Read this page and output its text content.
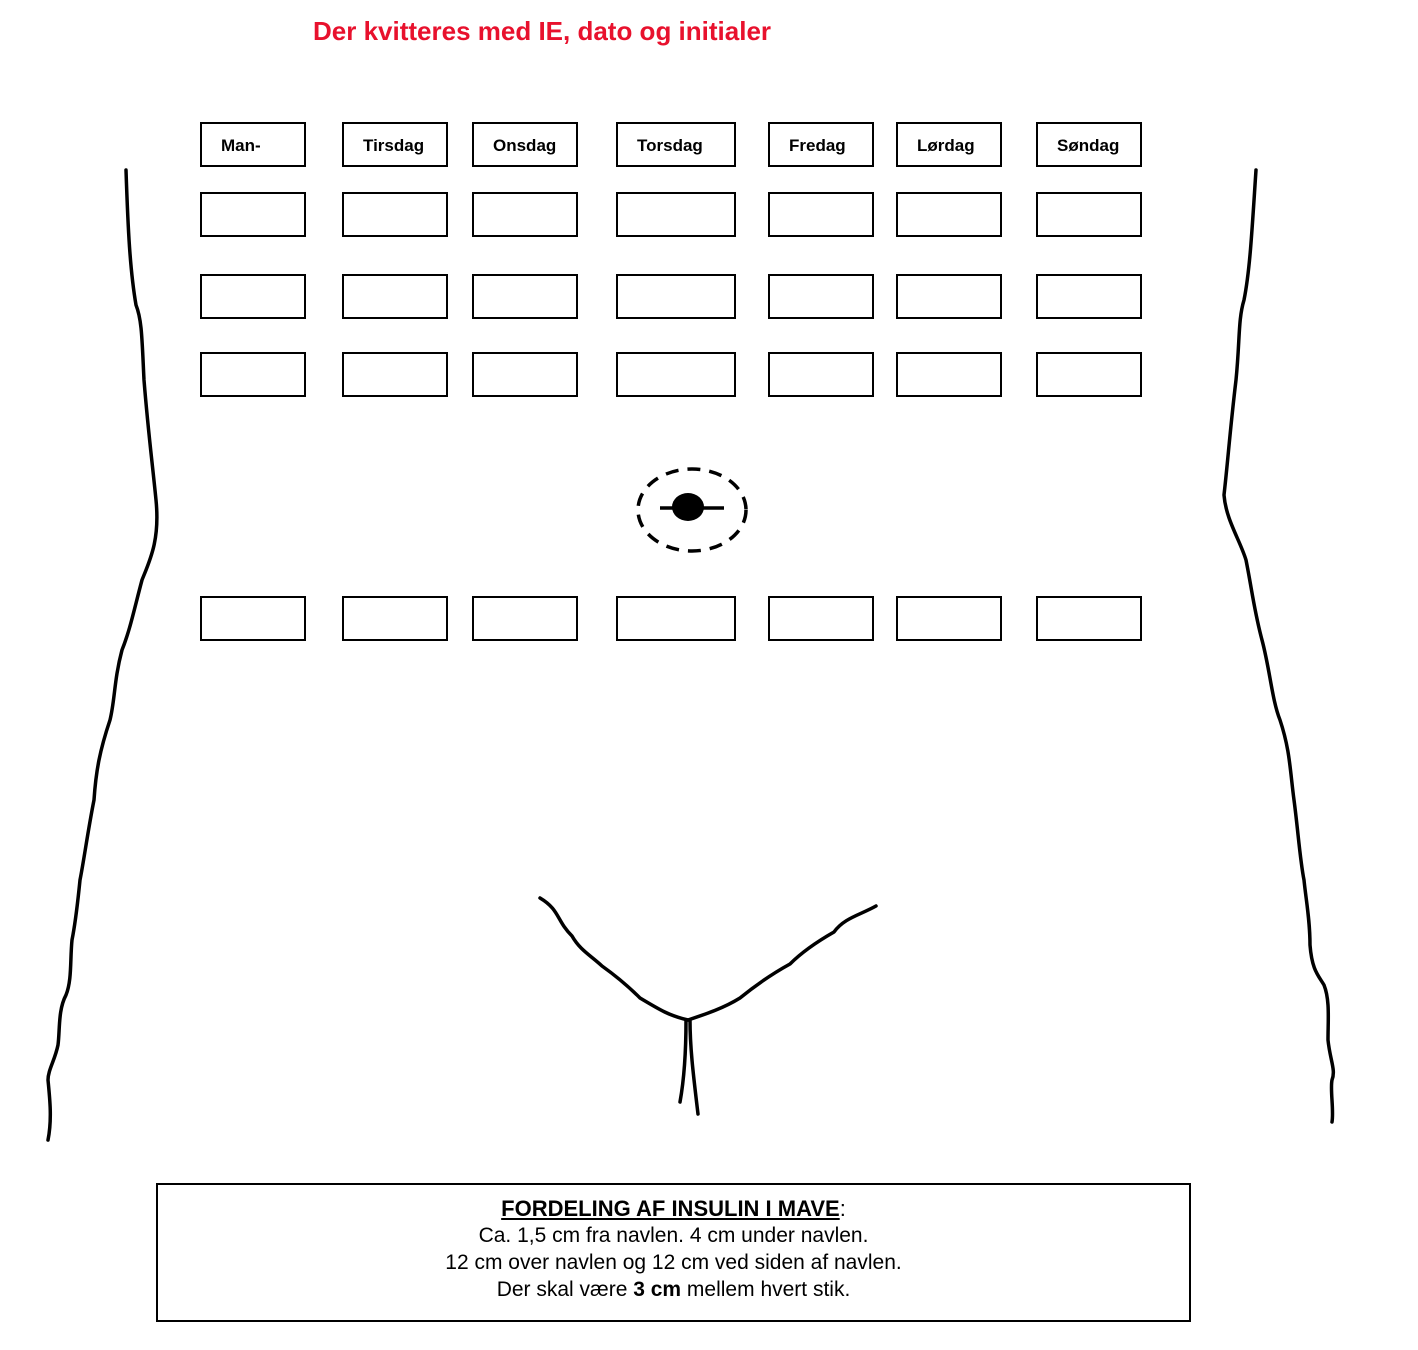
Der kvitteres med IE, dato og initialer
Man-	Tirsdag	Onsdag	Torsdag	Fredag	Lørdag	Søndag
FORDELING AF INSULIN I MAVE:
Ca. 1,5 cm fra navlen. 4 cm under navlen.
12 cm over navlen og 12 cm ved siden af navlen.
Der skal være 3 cm mellem hvert stik.
